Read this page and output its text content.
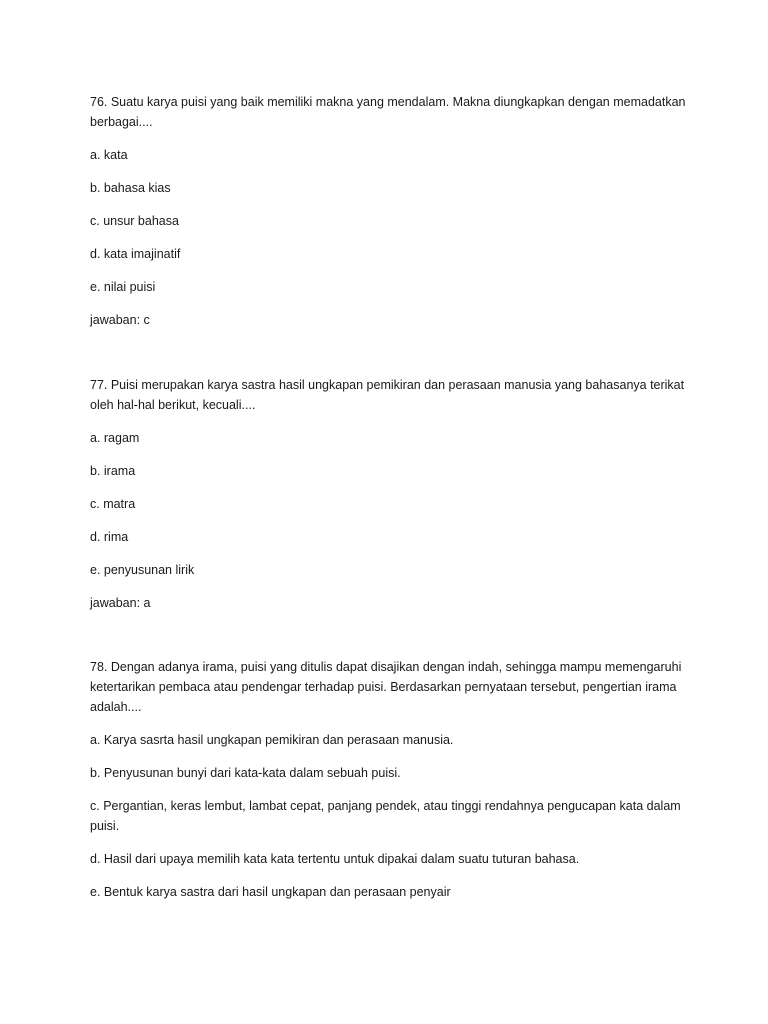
76. Suatu karya puisi yang baik memiliki makna yang mendalam. Makna diungkapkan dengan memadatkan berbagai....

a. kata
b. bahasa kias
c. unsur bahasa
d. kata imajinatif
e. nilai puisi

jawaban: c

77. Puisi merupakan karya sastra hasil ungkapan pemikiran dan perasaan manusia yang bahasanya terikat oleh hal-hal berikut, kecuali....

a. ragam
b. irama
c. matra
d. rima
e. penyusunan lirik

jawaban: a

78. Dengan adanya irama, puisi yang ditulis dapat disajikan dengan indah, sehingga mampu memengaruhi ketertarikan pembaca atau pendengar terhadap puisi. Berdasarkan pernyataan tersebut, pengertian irama adalah....

a. Karya sasrta hasil ungkapan pemikiran dan perasaan manusia.
b. Penyusunan bunyi dari kata-kata dalam sebuah puisi.
c. Pergantian, keras lembut, lambat cepat, panjang pendek, atau tinggi rendahnya pengucapan kata dalam puisi.
d. Hasil dari upaya memilih kata kata tertentu untuk dipakai dalam suatu tuturan bahasa.
e. Bentuk karya sastra dari hasil ungkapan dan perasaan penyair
